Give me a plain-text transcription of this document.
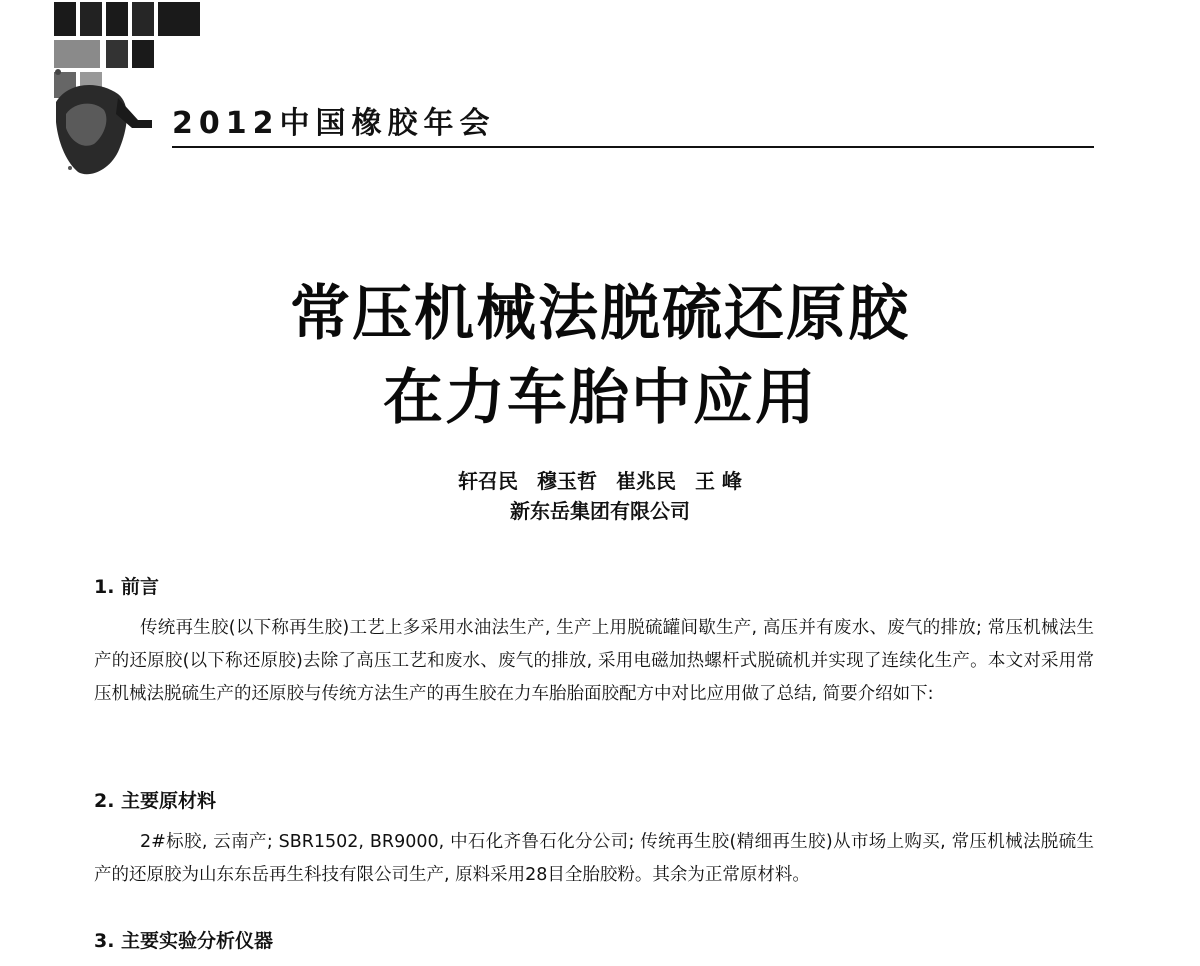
2012中国橡胶年会
常压机械法脱硫还原胶
在力车胎中应用
轩召民 穆玉哲 崔兆民 王 峰
新东岳集团有限公司
1. 前言

传统再生胶(以下称再生胶)工艺上多采用水油法生产, 生产上用脱硫罐间歇生产, 高压并有废水、废气的排放; 常压机械法生产的还原胶(以下称还原胶)去除了高压工艺和废水、废气的排放, 采用电磁加热螺杆式脱硫机并实现了连续化生产。本文对采用常压机械法脱硫生产的还原胶与传统方法生产的再生胶在力车胎胎面胶配方中对比应用做了总结, 简要介绍如下:

2. 主要原材料

2#标胶, 云南产; SBR1502, BR9000, 中石化齐鲁石化分公司; 传统再生胶(精细再生胶)从市场上购买, 常压机械法脱硫生产的还原胶为山东东岳再生科技有限公司生产, 原料采用28目全胎胶粉。其余为正常原材料。

3. 主要实验分析仪器
